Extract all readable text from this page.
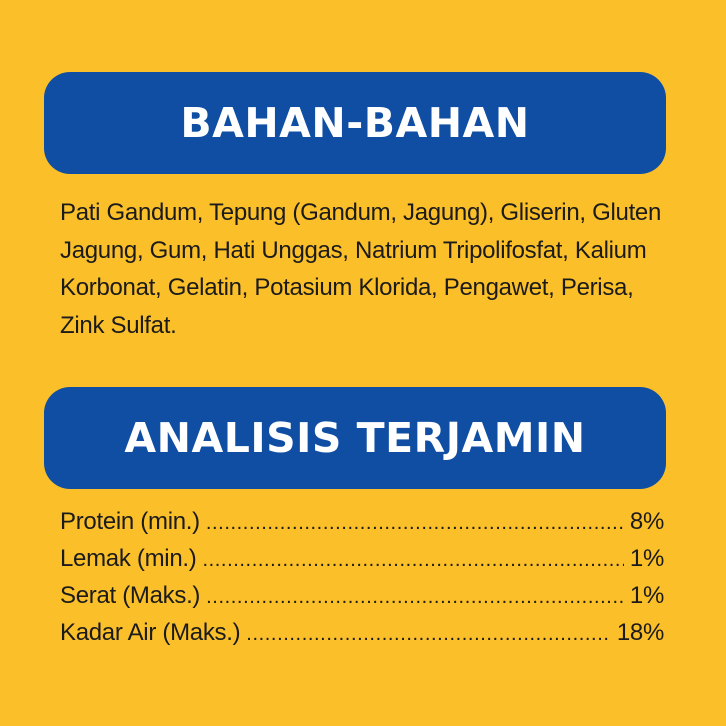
BAHAN-BAHAN

Pati Gandum, Tepung (Gandum, Jagung), Gliserin, Gluten Jagung, Gum, Hati Unggas, Natrium Tripolifosfat, Kalium Korbonat, Gelatin, Potasium Klorida, Pengawet, Perisa, Zink Sulfat.

ANALISIS TERJAMIN
Protein (min.) .....	8%
Lemak (min.) .....	1%
Serat (Maks.) .....	1%
Kadar Air (Maks.) .....	18%
